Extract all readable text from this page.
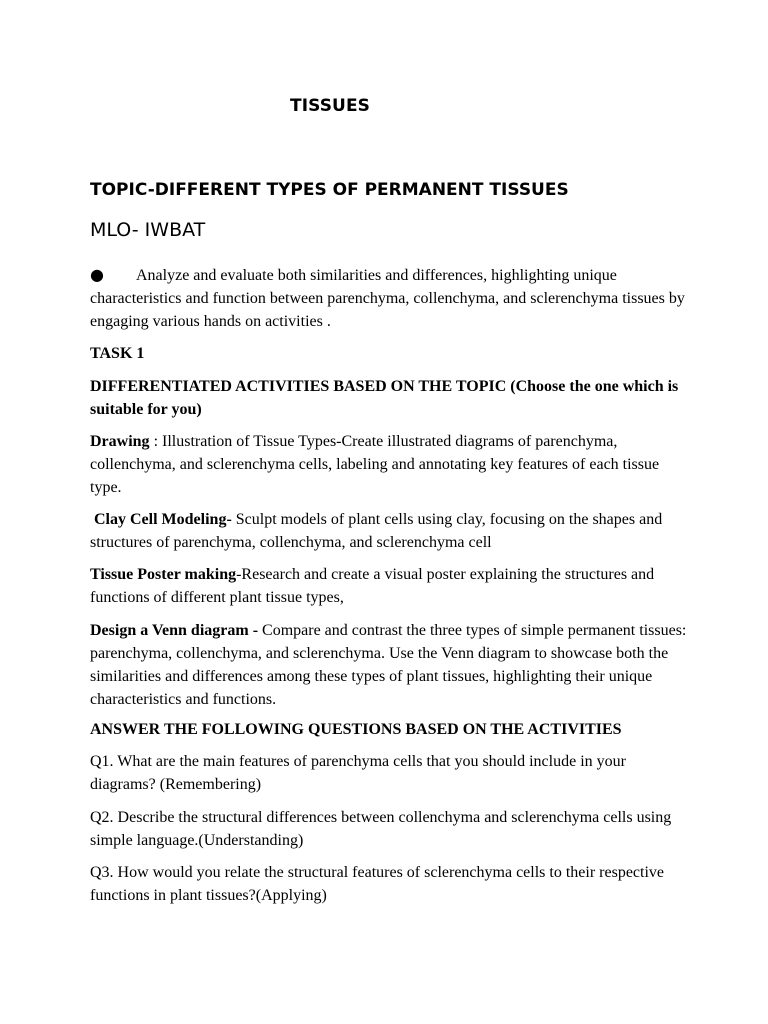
TISSUES
TOPIC-DIFFERENT TYPES OF PERMANENT TISSUES
MLO- IWBAT

● Analyze and evaluate both similarities and differences, highlighting unique characteristics and function between parenchyma, collenchyma, and sclerenchyma tissues by engaging various hands on activities .

TASK 1

DIFFERENTIATED ACTIVITIES BASED ON THE TOPIC (Choose the one which is suitable for you)

Drawing : Illustration of Tissue Types-Create illustrated diagrams of parenchyma, collenchyma, and sclerenchyma cells, labeling and annotating key features of each tissue type.

Clay Cell Modeling- Sculpt models of plant cells using clay, focusing on the shapes and structures of parenchyma, collenchyma, and sclerenchyma cell

Tissue Poster making-Research and create a visual poster explaining the structures and functions of different plant tissue types,

Design a Venn diagram - Compare and contrast the three types of simple permanent tissues: parenchyma, collenchyma, and sclerenchyma. Use the Venn diagram to showcase both the similarities and differences among these types of plant tissues, highlighting their unique characteristics and functions.

ANSWER THE FOLLOWING QUESTIONS BASED ON THE ACTIVITIES

Q1. What are the main features of parenchyma cells that you should include in your diagrams? (Remembering)

Q2. Describe the structural differences between collenchyma and sclerenchyma cells using simple language.(Understanding)

Q3. How would you relate the structural features of sclerenchyma cells to their respective functions in plant tissues?(Applying)
